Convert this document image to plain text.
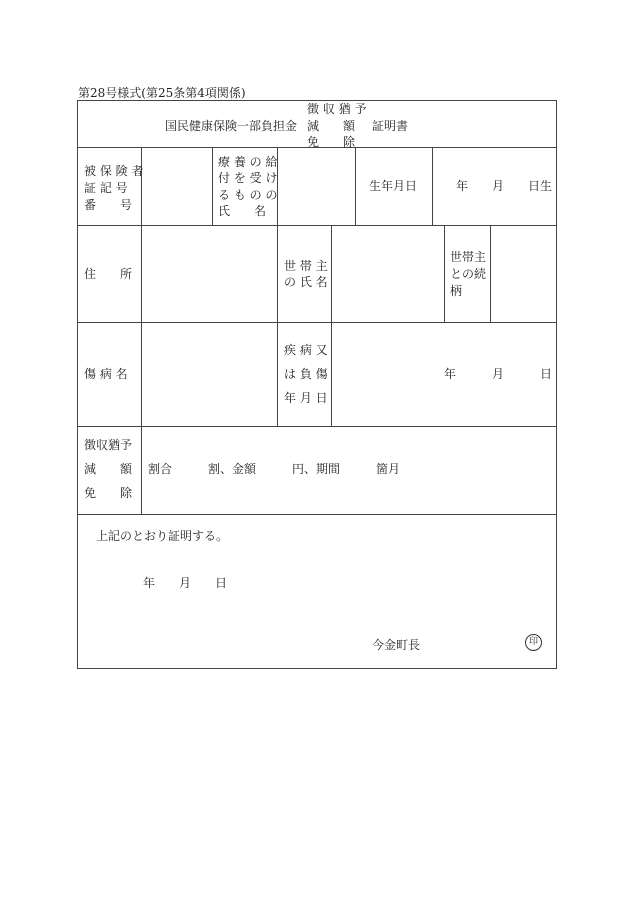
第28号様式(第25条第4項関係)
国民健康保険一部負担金
徴 収 猶 予
減　　額
免　　除
証明書
被 保 険 者
証 記 号
番　　号
療 養 の 給
付 を 受 け
る も の の
氏　　名
生年月日	年　　月　　日生
住　　所
世 帯 主
の 氏 名
世帯主
との続
柄
傷 病 名
疾 病 又
は 負 傷
年 月 日
年　　　月　　　日
徴収猶予
減　　額
免　　除
割合　　　割、金額　　　円、期間　　　箇月
上記のとおり証明する。
年　　月　　日
今金町長	印
